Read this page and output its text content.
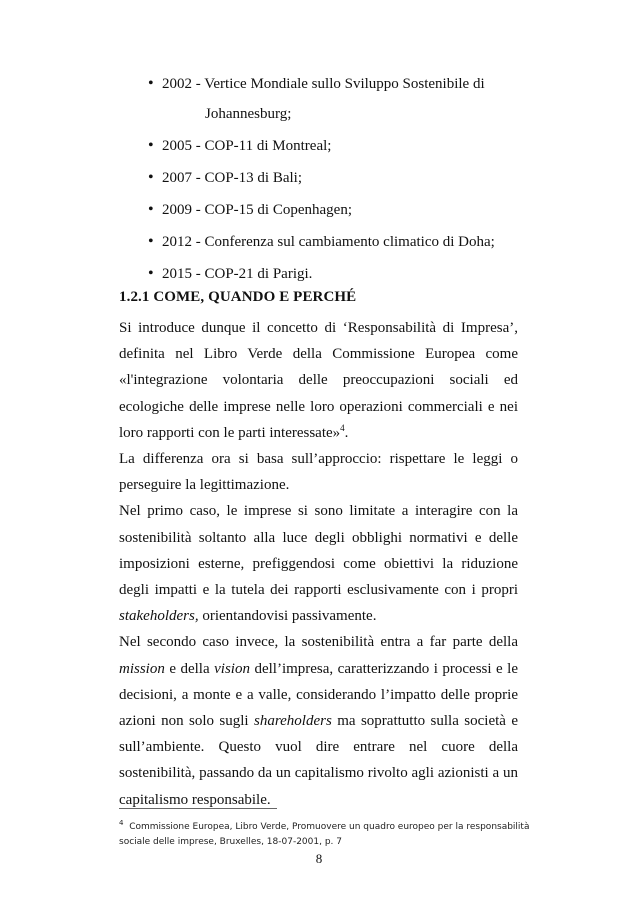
• 2002 - Vertice Mondiale sullo Sviluppo Sostenibile di
Johannesburg;
• 2005 - COP-11 di Montreal;
• 2007 - COP-13 di Bali;
• 2009 - COP-15 di Copenhagen;
• 2012 - Conferenza sul cambiamento climatico di Doha;
• 2015 - COP-21 di Parigi.
1.2.1 COME, QUANDO E PERCHÉ

Si introduce dunque il concetto di ‘Responsabilità di Impresa’, definita nel Libro Verde della Commissione Europea come «l'integrazione volontaria delle preoccupazioni sociali ed ecologiche delle imprese nelle loro operazioni commerciali e nei loro rapporti con le parti interessate»$^4$.

La differenza ora si basa sull’approccio: rispettare le leggi o perseguire la legittimazione.

Nel primo caso, le imprese si sono limitate a interagire con la sostenibilità soltanto alla luce degli obblighi normativi e delle imposizioni esterne, prefiggendosi come obiettivi la riduzione degli impatti e la tutela dei rapporti esclusivamente con i propri stakeholders, orientandovisi passivamente.

Nel secondo caso invece, la sostenibilità entra a far parte della mission e della vision dell’impresa, caratterizzando i processi e le decisioni, a monte e a valle, considerando l’impatto delle proprie azioni non solo sugli shareholders ma soprattutto sulla società e sull’ambiente. Questo vuol dire entrare nel cuore della sostenibilità, passando da un capitalismo rivolto agli azionisti a un capitalismo responsabile.

$^4$ Commissione Europea, Libro Verde, Promuovere un quadro europeo per la responsabilità sociale delle imprese, Bruxelles, 18-07-2001, p. 7
8
